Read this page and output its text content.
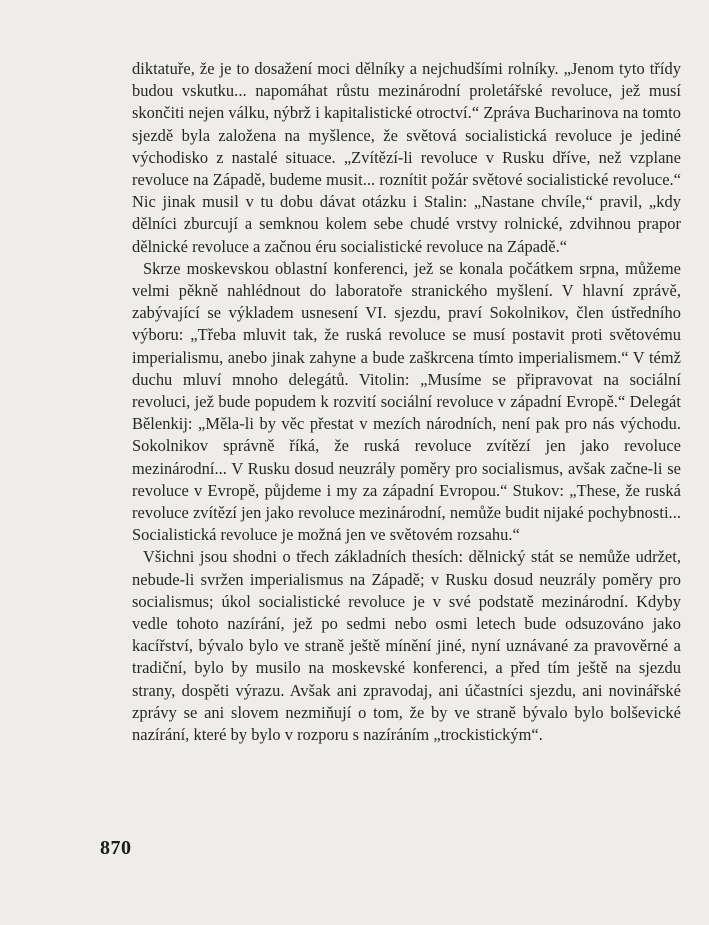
diktatuře, že je to dosažení moci dělníky a nejchudšími rolníky. „Jenom tyto třídy budou vskutku... napomáhat růstu mezinárodní proletářské revoluce, jež musí skončiti nejen válku, nýbrž i kapitalistické otroctví.“ Zpráva Bucharinova na tomto sjezdě byla založena na myšlence, že světová socialistická revoluce je jediné východisko z nastalé situace. „Zvítězí-li revoluce v Rusku dříve, než vzplane revoluce na Západě, budeme musit... roznítit požár světové socialistické revoluce.“ Nic jinak musil v tu dobu dávat otázku i Stalin: „Nastane chvíle,“ pravil, „kdy dělníci zburcují a semknou kolem sebe chudé vrstvy rolnické, zdvihnou prapor dělnické revoluce a začnou éru socialistické revoluce na Západě.“

Skrze moskevskou oblastní konferenci, jež se konala počátkem srpna, můžeme velmi pěkně nahlédnout do laboratoře stranického myšlení. V hlavní zprávě, zabývající se výkladem usnesení VI. sjezdu, praví Sokolnikov, člen ústředního výboru: „Třeba mluvit tak, že ruská revoluce se musí postavit proti světovému imperialismu, anebo jinak zahyne a bude zaškrcena tímto imperialismem.“ V témž duchu mluví mnoho delegátů. Vitolin: „Musíme se připravovat na sociální revoluci, jež bude popudem k rozvití sociální revoluce v západní Evropě.“ Delegát Bělenkij: „Měla-li by věc přestat v mezích národních, není pak pro nás východu. Sokolnikov správně říká, že ruská revoluce zvítězí jen jako revoluce mezinárodní... V Rusku dosud neuzrály poměry pro socialismus, avšak začne-li se revoluce v Evropě, půjdeme i my za západní Evropou.“ Stukov: „These, že ruská revoluce zvítězí jen jako revoluce mezinárodní, nemůže budit nijaké pochybnosti... Socialistická revoluce je možná jen ve světovém rozsahu.“

Všichni jsou shodni o třech základních thesích: dělnický stát se nemůže udržet, nebude-li svržen imperialismus na Západě; v Rusku dosud neuzrály poměry pro socialismus; úkol socialistické revoluce je v své podstatě mezinárodní. Kdyby vedle tohoto nazírání, jež po sedmi nebo osmi letech bude odsuzováno jako kacířství, bývalo bylo ve straně ještě mínění jiné, nyní uznávané za pravověrné a tradiční, bylo by musilo na moskevské konferenci, a před tím ještě na sjezdu strany, dospěti výrazu. Avšak ani zpravodaj, ani účastníci sjezdu, ani novinářské zprávy se ani slovem nezmiňují o tom, že by ve straně bývalo bylo bolševické nazírání, které by bylo v rozporu s nazíráním „trockistickým“.

870
